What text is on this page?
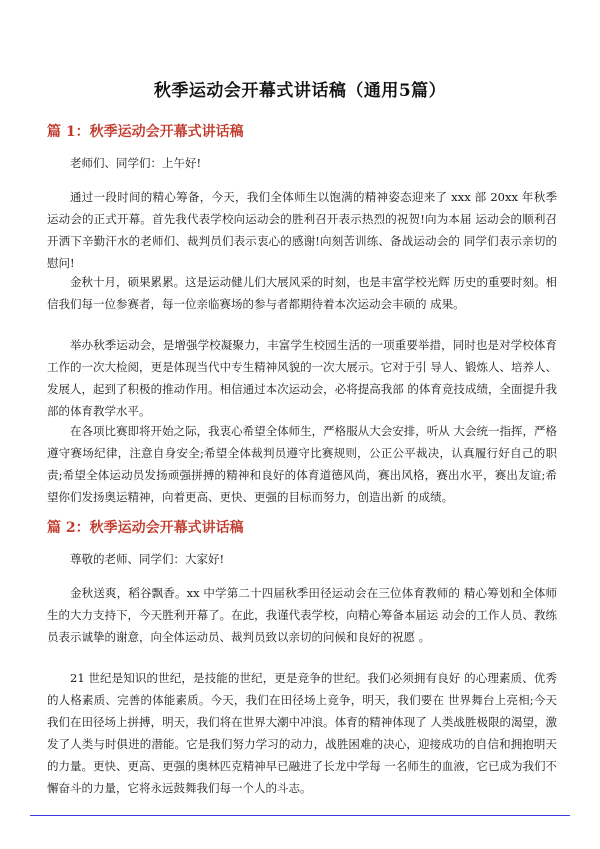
秋季运动会开幕式讲话稿（通用5篇）
篇 1：秋季运动会开幕式讲话稿
老师们、同学们：上午好!
通过一段时间的精心筹备，今天，我们全体师生以饱满的精神姿态迎来了 xxx 部 20xx 年秋季运动会的正式开幕。首先我代表学校向运动会的胜利召开表示热烈的祝贺!向为本届 运动会的顺利召开洒下辛勤汗水的老师们、裁判员们表示衷心的感谢!向刻苦训练、备战运动会的 同学们表示亲切的慰问!
金秋十月，硕果累累。这是运动健儿们大展风采的时刻，也是丰富学校光辉 历史的重要时刻。相信我们每一位参赛者，每一位亲临赛场的参与者都期待着本次运动会丰硕的 成果。
举办秋季运动会，是增强学校凝聚力，丰富学生校园生活的一项重要举措，同时也是对学校体育工作的一次大检阅，更是体现当代中专生精神风貌的一次大展示。它对于引 导人、锻炼人、培养人、发展人，起到了积极的推动作用。相信通过本次运动会，必将提高我部 的体育竞技成绩，全面提升我部的体育教学水平。
在各项比赛即将开始之际，我衷心希望全体师生，严格服从大会安排，听从 大会统一指挥，严格遵守赛场纪律，注意自身安全;希望全体裁判员遵守比赛规则，公正公平裁决，认真履行好自己的职责;希望全体运动员发扬顽强拼搏的精神和良好的体育道德风尚，赛出风格，赛出水平，赛出友谊;希望你们发扬奥运精神，向着更高、更快、更强的目标而努力，创造出新 的成绩。
篇 2：秋季运动会开幕式讲话稿
尊敬的老师、同学们：大家好!
金秋送爽，稻谷飘香。xx 中学第二十四届秋季田径运动会在三位体育教师的 精心筹划和全体师生的大力支持下，今天胜利开幕了。在此，我谨代表学校，向精心筹备本届运 动会的工作人员、教练员表示诚挚的谢意，向全体运动员、裁判员致以亲切的问候和良好的祝愿 。
21 世纪是知识的世纪，是技能的世纪，更是竞争的世纪。我们必须拥有良好 的心理素质、优秀的人格素质、完善的体能素质。今天，我们在田径场上竞争，明天，我们要在 世界舞台上亮相;今天我们在田径场上拼搏，明天，我们将在世界大潮中冲浪。体育的精神体现了 人类战胜极限的渴望，激发了人类与时俱进的潜能。它是我们努力学习的动力，战胜困难的决心，迎接成功的自信和拥抱明天的力量。更快、更高、更强的奥林匹克精神早已融进了长龙中学每 一名师生的血液，它已成为我们不懈奋斗的力量，它将永远鼓舞我们每一个人的斗志。
